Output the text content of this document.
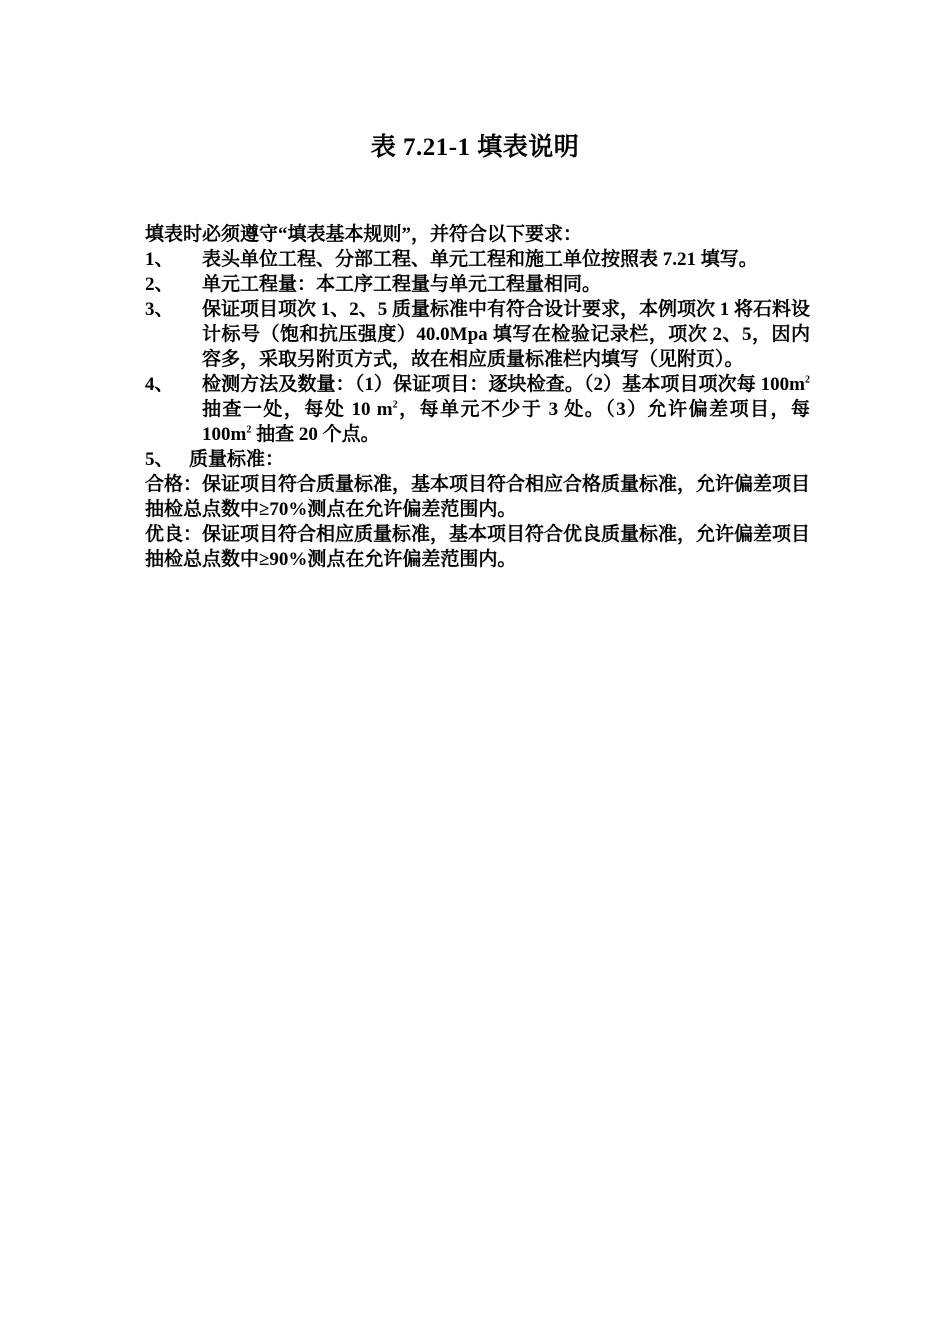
表 7.21-1 填表说明

填表时必须遵守“填表基本规则”，并符合以下要求：

1、	表头单位工程、分部工程、单元工程和施工单位按照表 7.21 填写。
2、	单元工程量：本工序工程量与单元工程量相同。
3、	保证项目项次 1、2、5 质量标准中有符合设计要求，本例项次 1 将石料设计标号（饱和抗压强度）40.0Mpa 填写在检验记录栏，项次 2、5，因内容多，采取另附页方式，故在相应质量标准栏内填写（见附页）。
4、	检测方法及数量：（1）保证项目：逐块检查。（2）基本项目项次每 $100m^2$ 抽查一处，每处 10 $m^2$，每单元不少于 3 处。（3）允许偏差项目，每 $100m^2$ 抽查 20 个点。
5、 质量标准：

合格：保证项目符合质量标准，基本项目符合相应合格质量标准，允许偏差项目抽检总点数中≥70%测点在允许偏差范围内。

优良：保证项目符合相应质量标准，基本项目符合优良质量标准，允许偏差项目抽检总点数中≥90%测点在允许偏差范围内。
